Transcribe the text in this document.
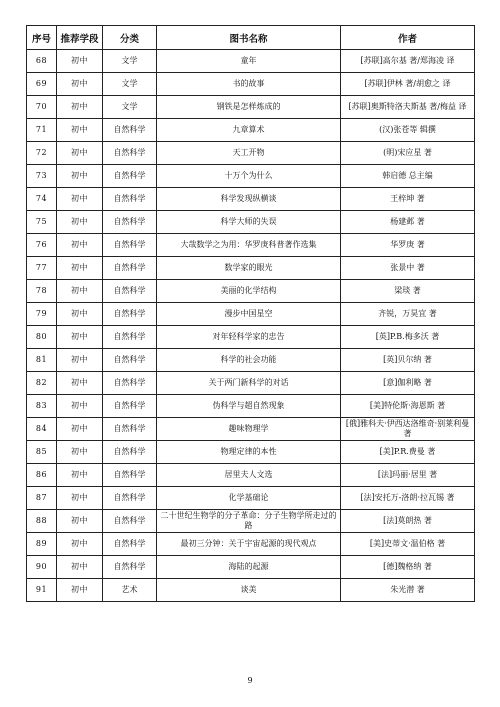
序号	推荐学段	分类	图书名称	作者
68	初中	文学	童年	[苏联]高尔基 著/郑海凌 译
69	初中	文学	书的故事	[苏联]伊林 著/胡愈之 译
70	初中	文学	钢铁是怎样炼成的	[苏联]奥斯特洛夫斯基 著/梅益 译
71	初中	自然科学	九章算术	(汉)张苍等 辑撰
72	初中	自然科学	天工开物	(明)宋应星 著
73	初中	自然科学	十万个为什么	韩启德 总主编
74	初中	自然科学	科学发现纵横谈	王梓坤 著
75	初中	自然科学	科学大师的失误	杨建邺 著
76	初中	自然科学	大哉数学之为用：华罗庚科普著作选集	华罗庚 著
77	初中	自然科学	数学家的眼光	张景中 著
78	初中	自然科学	美丽的化学结构	梁琰 著
79	初中	自然科学	漫步中国星空	齐锐，万昊宜 著
80	初中	自然科学	对年轻科学家的忠告	[英]P.B.梅多沃 著
81	初中	自然科学	科学的社会功能	[英]贝尔纳 著
82	初中	自然科学	关于两门新科学的对话	[意]伽利略 著
83	初中	自然科学	伪科学与超自然现象	[美]特伦斯·海恩斯 著
84	初中	自然科学	趣味物理学	[俄]雅科夫·伊西达洛维奇·别莱利曼 著
85	初中	自然科学	物理定律的本性	[美]P.R.费曼 著
86	初中	自然科学	居里夫人文选	[法]玛丽·居里 著
87	初中	自然科学	化学基础论	[法]安托万-洛朗·拉瓦锡 著
88	初中	自然科学	二十世纪生物学的分子革命：分子生物学所走过的路	[法]莫朗热 著
89	初中	自然科学	最初三分钟：关于宇宙起源的现代观点	[美]史蒂文·温伯格 著
90	初中	自然科学	海陆的起源	[德]魏格纳 著
91	初中	艺术	谈美	朱光潜 著
9
